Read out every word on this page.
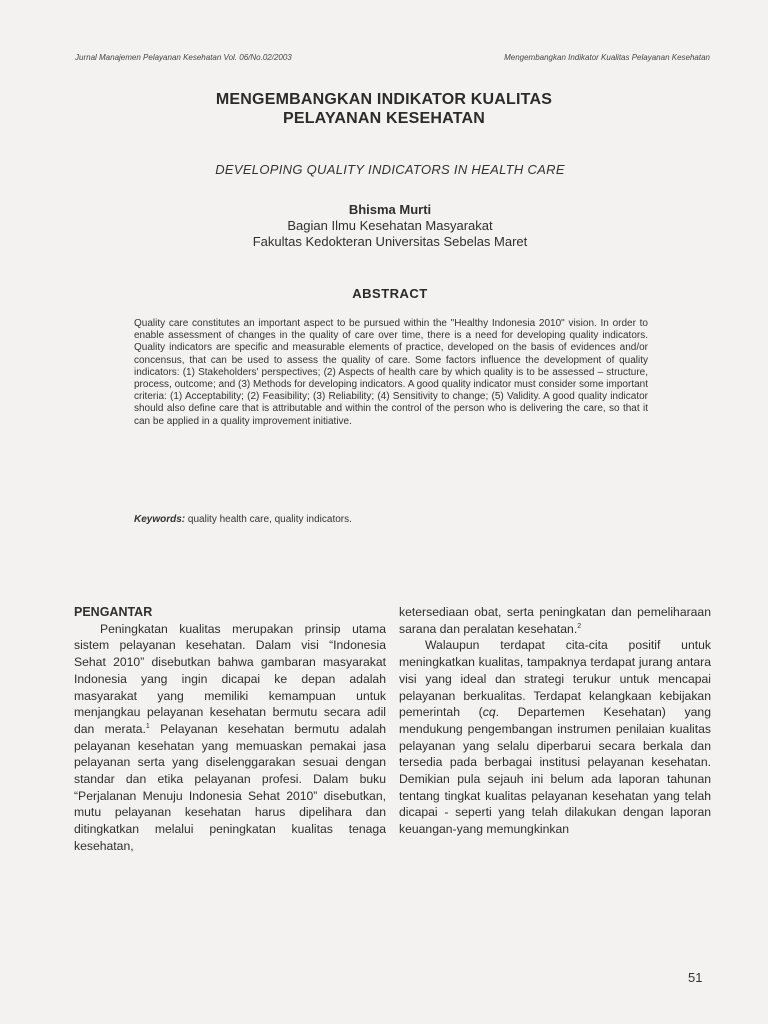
Jurnal Manajemen Pelayanan Kesehatan Vol. 06/No.02/2003	Mengembangkan Indikator Kualitas Pelayanan Kesehatan
MENGEMBANGKAN INDIKATOR KUALITAS
PELAYANAN KESEHATAN
DEVELOPING QUALITY INDICATORS IN HEALTH CARE
Bhisma Murti
Bagian Ilmu Kesehatan Masyarakat
Fakultas Kedokteran Universitas Sebelas Maret
ABSTRACT
Quality care constitutes an important aspect to be pursued within the "Healthy Indonesia 2010" vision. In order to enable assessment of changes in the quality of care over time, there is a need for developing quality indicators. Quality indicators are specific and measurable elements of practice, developed on the basis of evidences and/or concensus, that can be used to assess the quality of care. Some factors influence the development of quality indicators: (1) Stakeholders' perspectives; (2) Aspects of health care by which quality is to be assessed – structure, process, outcome; and (3) Methods for developing indicators. A good quality indicator must consider some important criteria: (1) Acceptability; (2) Feasibility; (3) Reliability; (4) Sensitivity to change; (5) Validity. A good quality indicator should also define care that is attributable and within the control of the person who is delivering the care, so that it can be applied in a quality improvement initiative.
Keywords: quality health care, quality indicators.

PENGANTAR

Peningkatan kualitas merupakan prinsip utama sistem pelayanan kesehatan. Dalam visi “Indonesia Sehat 2010” disebutkan bahwa gambaran masyarakat Indonesia yang ingin dicapai ke depan adalah masyarakat yang memiliki kemampuan untuk menjangkau pelayanan kesehatan bermutu secara adil dan merata.$^1$ Pelayanan kesehatan bermutu adalah pelayanan kesehatan yang memuaskan pemakai jasa pelayanan serta yang diselenggarakan sesuai dengan standar dan etika pelayanan profesi. Dalam buku “Perjalanan Menuju Indonesia Sehat 2010” disebutkan, mutu pelayanan kesehatan harus dipelihara dan ditingkatkan melalui peningkatan kualitas tenaga kesehatan,

ketersediaan obat, serta peningkatan dan pemeliharaan sarana dan peralatan kesehatan.$^2$

Walaupun terdapat cita-cita positif untuk meningkatkan kualitas, tampaknya terdapat jurang antara visi yang ideal dan strategi terukur untuk mencapai pelayanan berkualitas. Terdapat kelangkaan kebijakan pemerintah (cq. Departemen Kesehatan) yang mendukung pengembangan instrumen penilaian kualitas pelayanan yang selalu diperbarui secara berkala dan tersedia pada berbagai institusi pelayanan kesehatan. Demikian pula sejauh ini belum ada laporan tahunan tentang tingkat kualitas pelayanan kesehatan yang telah dicapai - seperti yang telah dilakukan dengan laporan keuangan-yang memungkinkan

51
